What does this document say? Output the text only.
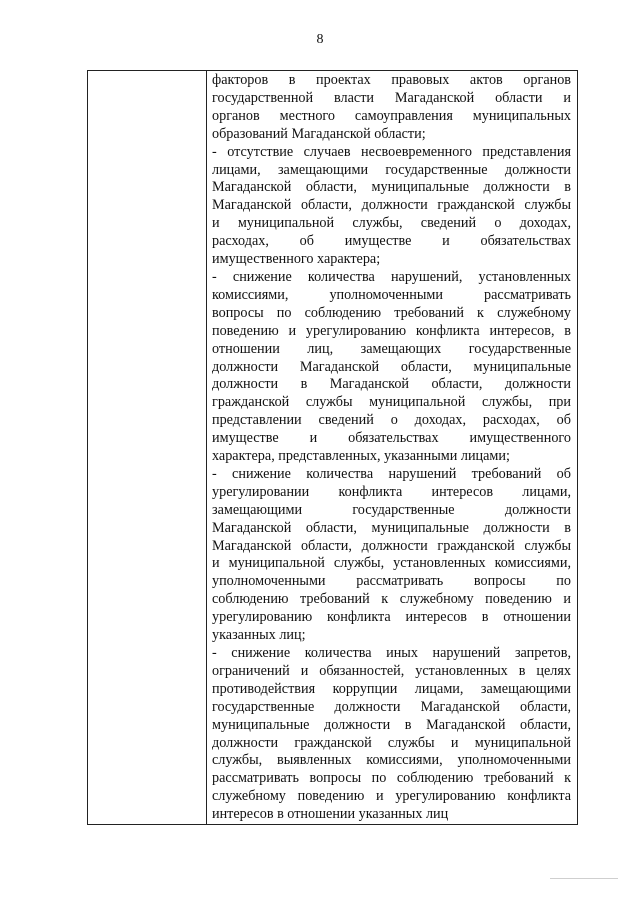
8

факторов в проектах правовых актов органов
государственной власти Магаданской области и
органов местного самоуправления муниципальных
образований Магаданской области;
- отсутствие случаев несвоевременного представления
лицами, замещающими государственные должности
Магаданской области, муниципальные должности в
Магаданской области, должности гражданской службы
и муниципальной службы, сведений о доходах,
расходах, об имуществе и обязательствах
имущественного характера;
- снижение количества нарушений, установленных
комиссиями, уполномоченными рассматривать
вопросы по соблюдению требований к служебному
поведению и урегулированию конфликта интересов, в
отношении лиц, замещающих государственные
должности Магаданской области, муниципальные
должности в Магаданской области, должности
гражданской службы муниципальной службы, при
представлении сведений о доходах, расходах, об
имуществе и обязательствах имущественного
характера, представленных, указанными лицами;
- снижение количества нарушений требований об
урегулировании конфликта интересов лицами,
замещающими государственные должности
Магаданской области, муниципальные должности в
Магаданской области, должности гражданской службы
и муниципальной службы, установленных комиссиями,
уполномоченными рассматривать вопросы по
соблюдению требований к служебному поведению и
урегулированию конфликта интересов в отношении
указанных лиц;
- снижение количества иных нарушений запретов,
ограничений и обязанностей, установленных в целях
противодействия коррупции лицами, замещающими
государственные должности Магаданской области,
муниципальные должности в Магаданской области,
должности гражданской службы и муниципальной
службы, выявленных комиссиями, уполномоченными
рассматривать вопросы по соблюдению требований к
служебному поведению и урегулированию конфликта
интересов в отношении указанных лиц
